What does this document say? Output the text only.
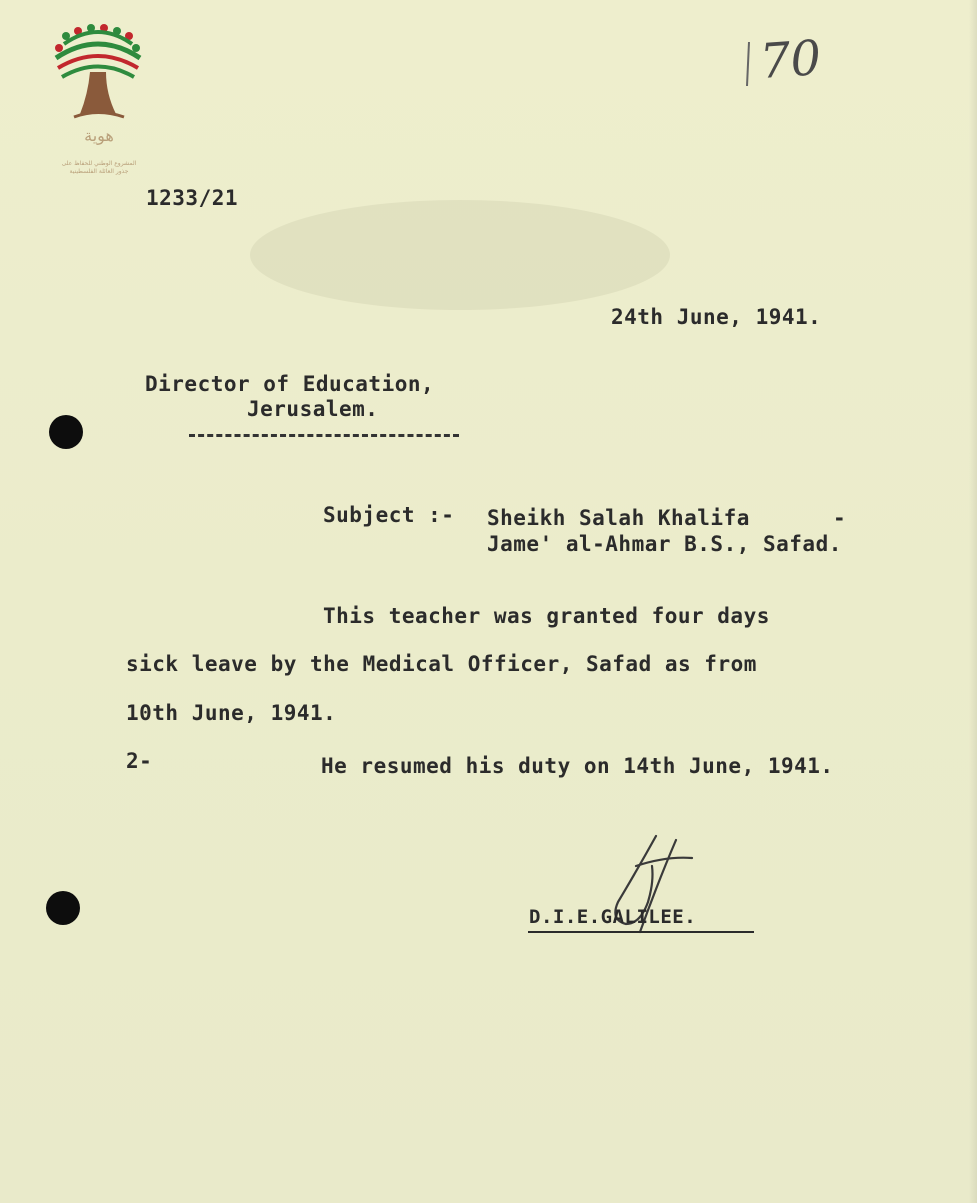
هوية
المشروع الوطني للحفاظ على
جذور العائلة الفلسطينية
70
1233/21
24th June, 1941.
Director of Education,
Jerusalem.
Subject :- Sheikh Salah Khalifa	-
Jame' al-Ahmar B.S., Safad.
This teacher was granted four days
sick leave by the Medical Officer, Safad as from
10th June, 1941.
2-	He resumed his duty on 14th June, 1941.
D.I.E.GALILEE.
